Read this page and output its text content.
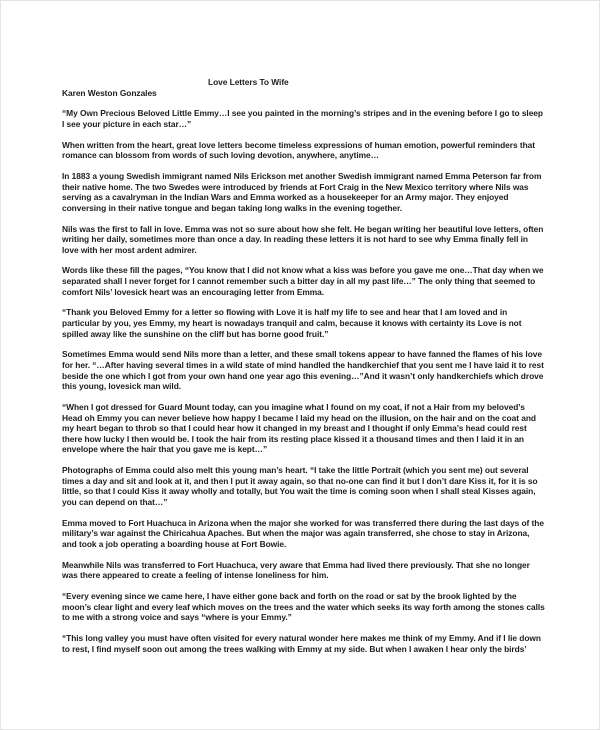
Love Letters To Wife
Karen Weston Gonzales
“My Own Precious Beloved Little Emmy…I see you painted in the morning’s stripes and in the evening before I go to sleep
I see your picture in each star…”
When written from the heart, great love letters become timeless expressions of human emotion, powerful reminders that
romance can blossom from words of such loving devotion, anywhere, anytime…
In 1883 a young Swedish immigrant named Nils Erickson met another Swedish immigrant named Emma Peterson far from
their native home. The two Swedes were introduced by friends at Fort Craig in the New Mexico territory where Nils was
serving as a cavalryman in the Indian Wars and Emma worked as a housekeeper for an Army major. They enjoyed
conversing in their native tongue and began taking long walks in the evening together.
Nils was the first to fall in love. Emma was not so sure about how she felt. He began writing her beautiful love letters, often
writing her daily, sometimes more than once a day. In reading these letters it is not hard to see why Emma finally fell in
love with her most ardent admirer.
Words like these fill the pages, “You know that I did not know what a kiss was before you gave me one…That day when we
separated shall I never forget for I cannot remember such a bitter day in all my past life…” The only thing that seemed to
comfort Nils’ lovesick heart was an encouraging letter from Emma.
“Thank you Beloved Emmy for a letter so flowing with Love it is half my life to see and hear that I am loved and in
particular by you, yes Emmy, my heart is nowadays tranquil and calm, because it knows with certainty its Love is not
spilled away like the sunshine on the cliff but has borne good fruit.”
Sometimes Emma would send Nils more than a letter, and these small tokens appear to have fanned the flames of his love
for her. “…After having several times in a wild state of mind handled the handkerchief that you sent me I have laid it to rest
beside the one which I got from your own hand one year ago this evening…”And it wasn’t only handkerchiefs which drove
this young, lovesick man wild.
“When I got dressed for Guard Mount today, can you imagine what I found on my coat, if not a Hair from my beloved’s
Head oh Emmy you can never believe how happy I became I laid my head on the illusion, on the hair and on the coat and
my heart began to throb so that I could hear how it changed in my breast and I thought if only Emma’s head could rest
there how lucky I then would be. I took the hair from its resting place kissed it a thousand times and then I laid it in an
envelope where the hair that you gave me is kept…”
Photographs of Emma could also melt this young man’s heart. “I take the little Portrait (which you sent me) out several
times a day and sit and look at it, and then I put it away again, so that no-one can find it but I don’t dare Kiss it, for it is so
little, so that I could Kiss it away wholly and totally, but You wait the time is coming soon when I shall steal Kisses again,
you can depend on that…”
Emma moved to Fort Huachuca in Arizona when the major she worked for was transferred there during the last days of the
military’s war against the Chiricahua Apaches. But when the major was again transferred, she chose to stay in Arizona,
and took a job operating a boarding house at Fort Bowie.
Meanwhile Nils was transferred to Fort Huachuca, very aware that Emma had lived there previously. That she no longer
was there appeared to create a feeling of intense loneliness for him.
“Every evening since we came here, I have either gone back and forth on the road or sat by the brook lighted by the
moon’s clear light and every leaf which moves on the trees and the water which seeks its way forth among the stones calls
to me with a strong voice and says “where is your Emmy.”
“This long valley you must have often visited for every natural wonder here makes me think of my Emmy. And if I lie down
to rest, I find myself soon out among the trees walking with Emmy at my side. But when I awaken I hear only the birds’
